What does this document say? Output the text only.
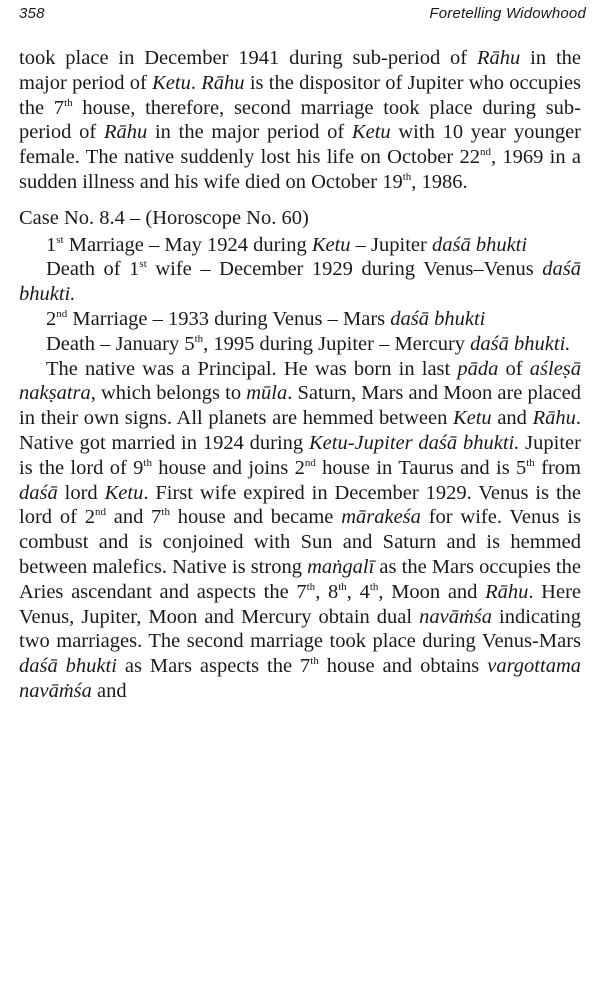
358	Foretelling Widowhood

took place in December 1941 during sub-period of Rāhu in the major period of Ketu. Rāhu is the dispositor of Jupiter who occupies the 7th house, therefore, second marriage took place during sub-period of Rāhu in the major period of Ketu with 10 year younger female. The native suddenly lost his life on October 22nd, 1969 in a sudden illness and his wife died on October 19th, 1986.

Case No. 8.4 – (Horoscope No. 60)

1st Marriage – May 1924 during Ketu – Jupiter daśā bhukti

Death of 1st wife – December 1929 during Venus–Venus daśā bhukti.

2nd Marriage – 1933 during Venus – Mars daśā bhukti

Death – January 5th, 1995 during Jupiter – Mercury daśā bhukti.

The native was a Principal. He was born in last pāda of aśleṣā nakṣatra, which belongs to mūla. Saturn, Mars and Moon are placed in their own signs. All planets are hemmed between Ketu and Rāhu. Native got married in 1924 during Ketu-Jupiter daśā bhukti. Jupiter is the lord of 9th house and joins 2nd house in Taurus and is 5th from daśā lord Ketu. First wife expired in December 1929. Venus is the lord of 2nd and 7th house and became mārakeśa for wife. Venus is combust and is conjoined with Sun and Saturn and is hemmed between malefics. Native is strong maṅgalī as the Mars occupies the Aries ascendant and aspects the 7th, 8th, 4th, Moon and Rāhu. Here Venus, Jupiter, Moon and Mercury obtain dual navāṁśa indicating two marriages. The second marriage took place during Venus-Mars daśā bhukti as Mars aspects the 7th house and obtains vargottama navāṁśa and
